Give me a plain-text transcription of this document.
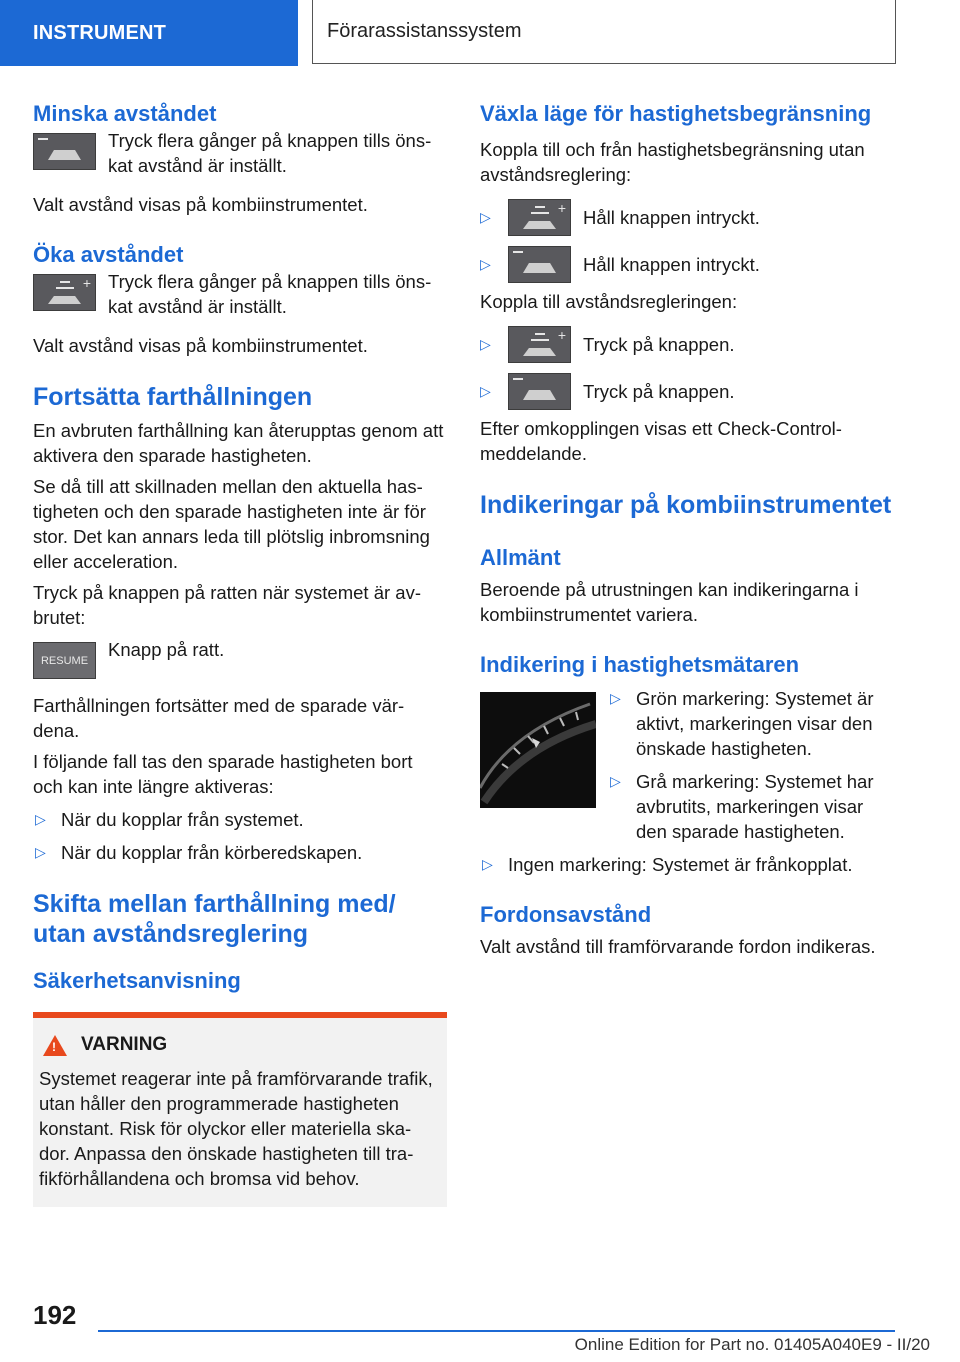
INSTRUMENT	Förarassistanssystem
Minska avståndet
Tryck flera gånger på knappen tills öns-kat avstånd är inställt.

Valt avstånd visas på kombiinstrumentet.

Öka avståndet
+ Tryck flera gånger på knappen tills öns-kat avstånd är inställt.

Valt avstånd visas på kombiinstrumentet.

Fortsätta farthållningen

En avbruten farthållning kan återupptas genom att aktivera den sparade hastigheten.

Se då till att skillnaden mellan den aktuella has-tigheten och den sparade hastigheten inte är för stor. Det kan annars leda till plötslig inbromsning eller acceleration.

Tryck på knappen på ratten när systemet är av-brutet:

RESUME
Knapp på ratt.

Farthållningen fortsätter med de sparade vär-dena.

I följande fall tas den sparade hastigheten bort och kan inte längre aktiveras:

▷ När du kopplar från systemet.
▷ När du kopplar från körberedskapen.
Skifta mellan farthållning med/ utan avståndsreglering
Säkerhetsanvisning
! VARNING

Systemet reagerar inte på framförvarande trafik, utan håller den programmerade hastigheten konstant. Risk för olyckor eller materiella ska-dor. Anpassa den önskade hastigheten till tra-fikförhållandena och bromsa vid behov.

Växla läge för hastighetsbegränsning

Koppla till och från hastighetsbegränsning utan avståndsreglering:

▷
+ Håll knappen intryckt.
▷	Håll knappen intryckt.

Koppla till avståndsregleringen:

▷
+ Tryck på knappen.
▷	Tryck på knappen.

Efter omkopplingen visas ett Check-Control-meddelande.

Indikeringar på kombiinstrumentet
Allmänt

Beroende på utrustningen kan indikeringarna i kombiinstrumentet variera.

Indikering i hastighetsmätaren
▷ Grön markering: Systemet är aktivt, markeringen visar den önskade hastigheten.
▷ Grå markering: Systemet har avbrutits, markeringen visar den sparade hastigheten.
▷ Ingen markering: Systemet är frånkopplat.
Fordonsavstånd

Valt avstånd till framförvarande fordon indikeras.

192
Online Edition for Part no. 01405A040E9 - II/20
